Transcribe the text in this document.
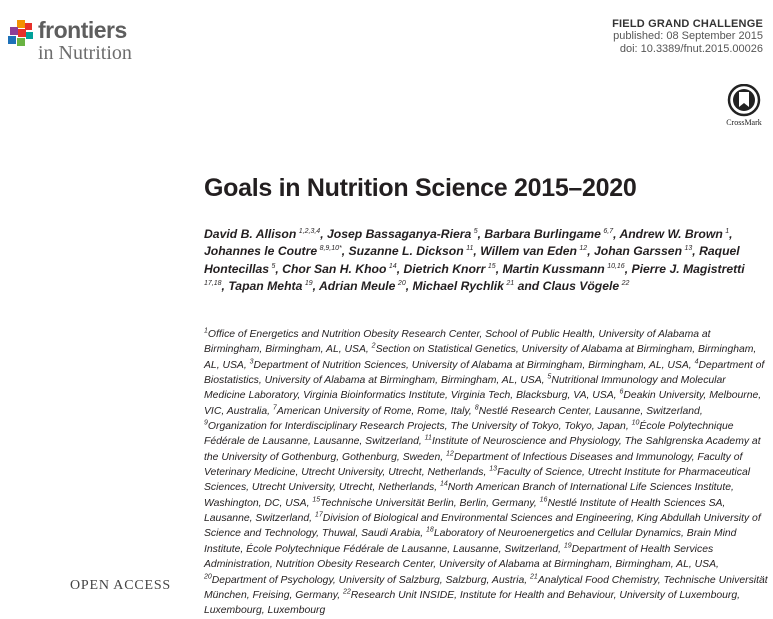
frontiers
in Nutrition
FIELD GRAND CHALLENGE
published: 08 September 2015
doi: 10.3389/fnut.2015.00026
CrossMark
Goals in Nutrition Science 2015–2020
David B. Allison  $^{1,2,3,4}$, Josep Bassaganya-Riera  $^5$, Barbara Burlingame  $^{6,7}$, Andrew W. Brown  $^1$, Johannes le Coutre  $^{8,9,10*}$, Suzanne L. Dickson  $^{11}$, Willem van Eden  $^{12}$, Johan Garssen  $^{13}$, Raquel Hontecillas  $^5$, Chor San H. Khoo  $^{14}$, Dietrich Knorr  $^{15}$, Martin Kussmann  $^{10,16}$, Pierre J. Magistretti $^{17,18}$, Tapan Mehta  $^{19}$, Adrian Meule  $^{20}$, Michael Rychlik  $^{21}$ and Claus Vögele  $^{22}$
$^1$Office of Energetics and Nutrition Obesity Research Center, School of Public Health, University of Alabama at Birmingham, Birmingham, AL, USA, $^2$Section on Statistical Genetics, University of Alabama at Birmingham, Birmingham, AL, USA, $^3$Department of Nutrition Sciences, University of Alabama at Birmingham, Birmingham, AL, USA, $^4$Department of Biostatistics, University of Alabama at Birmingham, Birmingham, AL, USA, $^5$Nutritional Immunology and Molecular Medicine Laboratory, Virginia Bioinformatics Institute, Virginia Tech, Blacksburg, VA, USA, $^6$Deakin University, Melbourne, VIC, Australia, $^7$American University of Rome, Rome, Italy, $^8$Nestlé Research Center, Lausanne, Switzerland, $^9$Organization for Interdisciplinary Research Projects, The University of Tokyo, Tokyo, Japan, $^{10}$École Polytechnique Fédérale de Lausanne, Lausanne, Switzerland, $^{11}$Institute of Neuroscience and Physiology, The Sahlgrenska Academy at the University of Gothenburg, Gothenburg, Sweden, $^{12}$Department of Infectious Diseases and Immunology, Faculty of Veterinary Medicine, Utrecht University, Utrecht, Netherlands, $^{13}$Faculty of Science, Utrecht Institute for Pharmaceutical Sciences, Utrecht University, Utrecht, Netherlands, $^{14}$North American Branch of International Life Sciences Institute, Washington, DC, USA, $^{15}$Technische Universität Berlin, Berlin, Germany, $^{16}$Nestlé Institute of Health Sciences SA, Lausanne, Switzerland, $^{17}$Division of Biological and Environmental Sciences and Engineering, King Abdullah University of Science and Technology, Thuwal, Saudi Arabia, $^{18}$Laboratory of Neuroenergetics and Cellular Dynamics, Brain Mind Institute, École Polytechnique Fédérale de Lausanne, Lausanne, Switzerland, $^{19}$Department of Health Services Administration, Nutrition Obesity Research Center, University of Alabama at Birmingham, Birmingham, AL, USA, $^{20}$Department of Psychology, University of Salzburg, Salzburg, Austria, $^{21}$Analytical Food Chemistry, Technische Universität München, Freising, Germany, $^{22}$Research Unit INSIDE, Institute for Health and Behaviour, University of Luxembourg, Luxembourg, Luxembourg
OPEN ACCESS
